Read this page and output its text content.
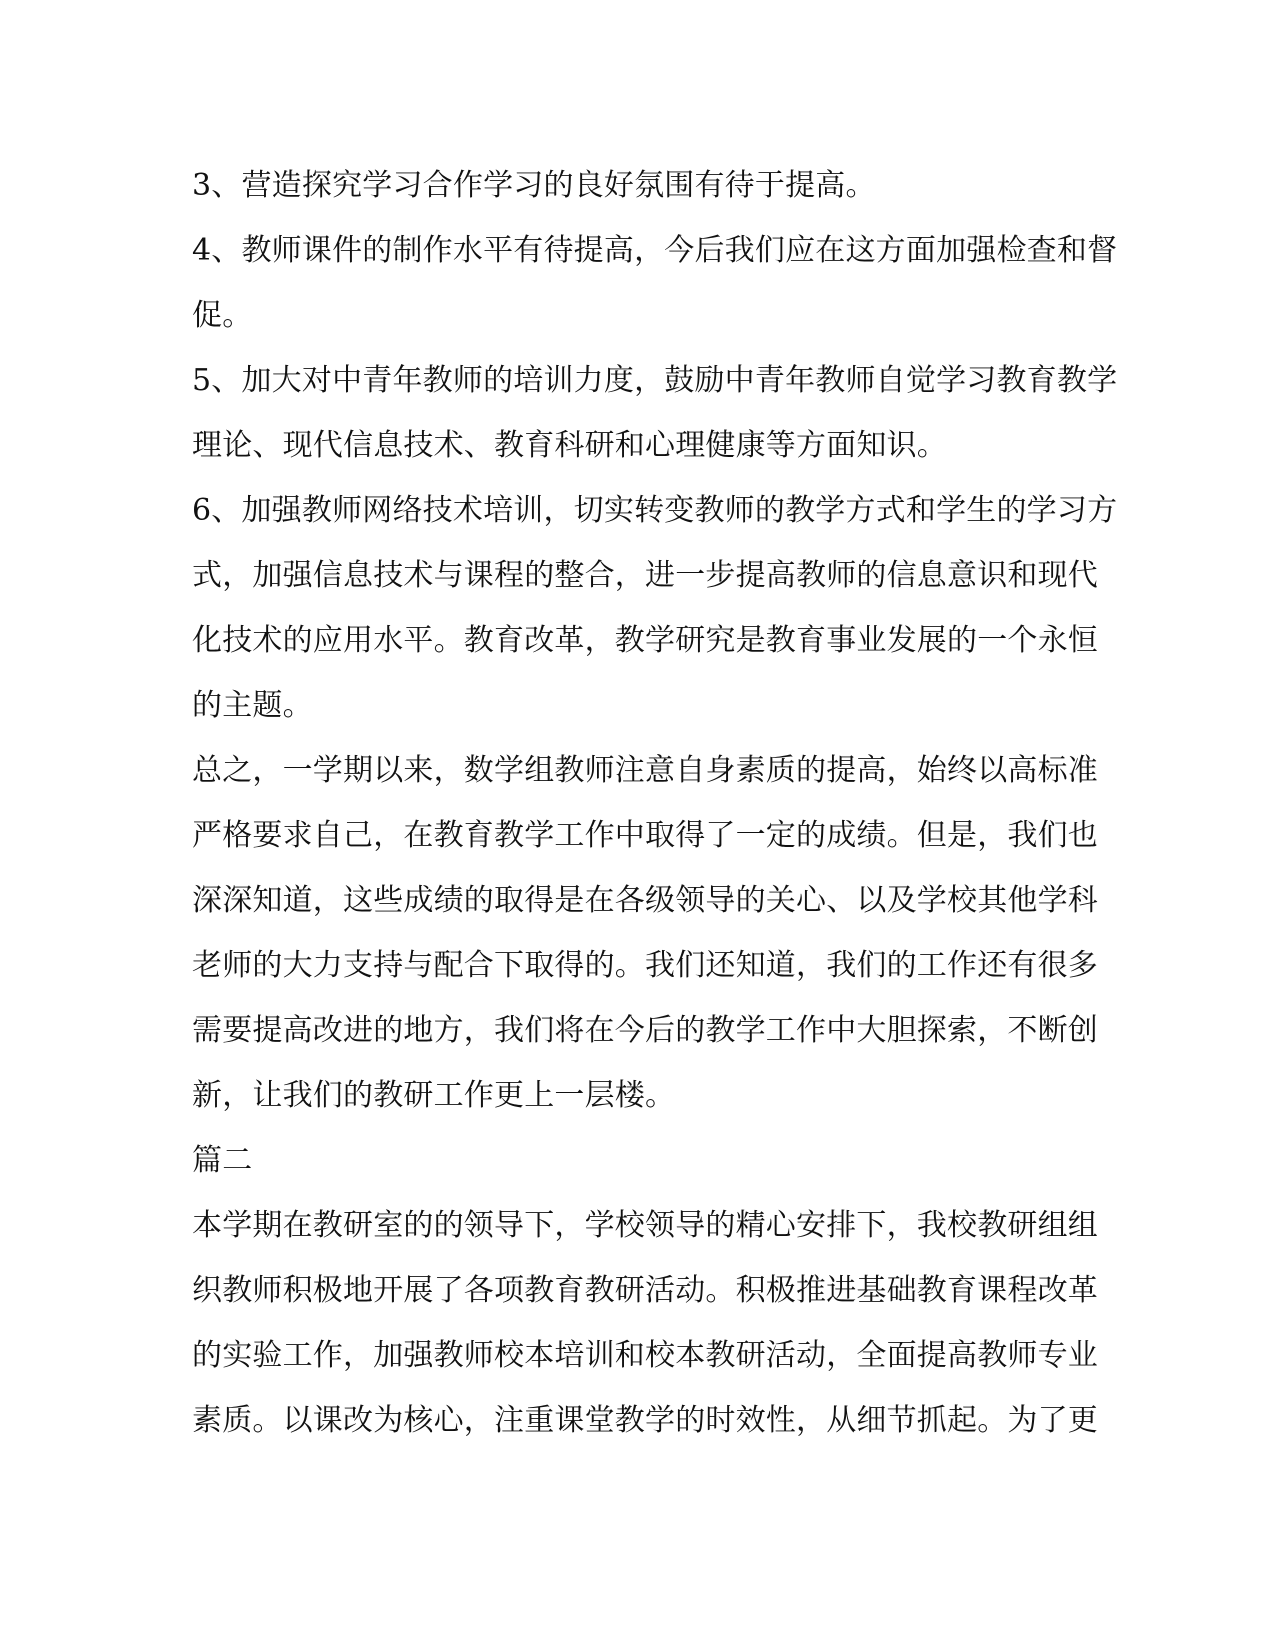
3、营造探究学习合作学习的良好氛围有待于提高。
4、教师课件的制作水平有待提高，今后我们应在这方面加强检查和督
促。
5、加大对中青年教师的培训力度，鼓励中青年教师自觉学习教育教学
理论、现代信息技术、教育科研和心理健康等方面知识。
6、加强教师网络技术培训，切实转变教师的教学方式和学生的学习方
式，加强信息技术与课程的整合，进一步提高教师的信息意识和现代
化技术的应用水平。教育改革，教学研究是教育事业发展的一个永恒
的主题。
总之，一学期以来，数学组教师注意自身素质的提高，始终以高标准
严格要求自己，在教育教学工作中取得了一定的成绩。但是，我们也
深深知道，这些成绩的取得是在各级领导的关心、以及学校其他学科
老师的大力支持与配合下取得的。我们还知道，我们的工作还有很多
需要提高改进的地方，我们将在今后的教学工作中大胆探索，不断创
新，让我们的教研工作更上一层楼。
篇二
本学期在教研室的的领导下，学校领导的精心安排下，我校教研组组
织教师积极地开展了各项教育教研活动。积极推进基础教育课程改革
的实验工作，加强教师校本培训和校本教研活动，全面提高教师专业
素质。以课改为核心，注重课堂教学的时效性，从细节抓起。为了更
